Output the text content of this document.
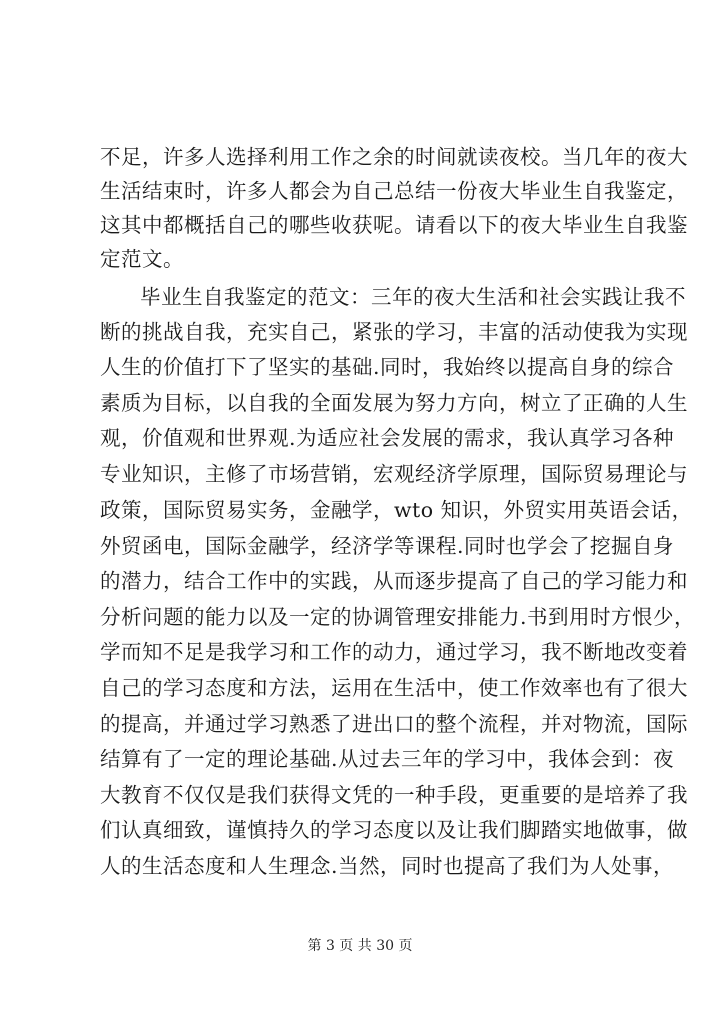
不足，许多人选择利用工作之余的时间就读夜校。当几年的夜大
生活结束时，许多人都会为自己总结一份夜大毕业生自我鉴定，
这其中都概括自己的哪些收获呢。请看以下的夜大毕业生自我鉴
定范文。
毕业生自我鉴定的范文：三年的夜大生活和社会实践让我不
断的挑战自我，充实自己，紧张的学习，丰富的活动使我为实现
人生的价值打下了坚实的基础.同时，我始终以提高自身的综合
素质为目标，以自我的全面发展为努力方向，树立了正确的人生
观，价值观和世界观.为适应社会发展的需求，我认真学习各种
专业知识，主修了市场营销，宏观经济学原理，国际贸易理论与
政策，国际贸易实务，金融学，wto 知识，外贸实用英语会话，
外贸函电，国际金融学，经济学等课程.同时也学会了挖掘自身
的潜力，结合工作中的实践，从而逐步提高了自己的学习能力和
分析问题的能力以及一定的协调管理安排能力.书到用时方恨少，
学而知不足是我学习和工作的动力，通过学习，我不断地改变着
自己的学习态度和方法，运用在生活中，使工作效率也有了很大
的提高，并通过学习熟悉了进出口的整个流程，并对物流，国际
结算有了一定的理论基础.从过去三年的学习中，我体会到：夜
大教育不仅仅是我们获得文凭的一种手段，更重要的是培养了我
们认真细致，谨慎持久的学习态度以及让我们脚踏实地做事，做
人的生活态度和人生理念.当然，同时也提高了我们为人处事，
第 3 页 共 30 页
